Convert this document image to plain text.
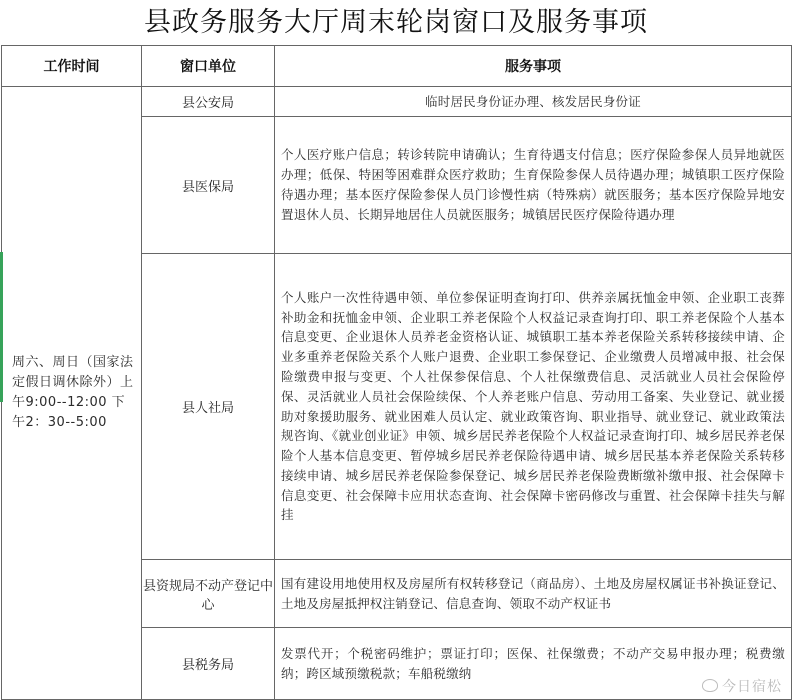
县政务服务大厅周末轮岗窗口及服务事项
工作时间	窗口单位	服务事项
周六、周日（国家法定假日调休除外）上午9:00--12:00 下午2：30--5:00	县公安局	临时居民身份证办理、核发居民身份证
	县医保局	个人医疗账户信息；转诊转院申请确认；生育待遇支付信息；医疗保险参保人员异地就医办理；低保、特困等困难群众医疗救助；生育保险参保人员待遇办理；城镇职工医疗保险待遇办理；基本医疗保险参保人员门诊慢性病（特殊病）就医服务；基本医疗保险异地安置退休人员、长期异地居住人员就医服务；城镇居民医疗保险待遇办理
	县人社局	个人账户一次性待遇申领、单位参保证明查询打印、供养亲属抚恤金申领、企业职工丧葬补助金和抚恤金申领、企业职工养老保险个人权益记录查询打印、职工养老保险个人基本信息变更、企业退休人员养老金资格认证、城镇职工基本养老保险关系转移接续申请、企业多重养老保险关系个人账户退费、企业职工参保登记、企业缴费人员增减申报、社会保险缴费申报与变更、个人社保参保信息、个人社保缴费信息、灵活就业人员社会保险停保、灵活就业人员社会保险续保、个人养老账户信息、劳动用工备案、失业登记、就业援助对象援助服务、就业困难人员认定、就业政策咨询、职业指导、就业登记、就业政策法规咨询、《就业创业证》申领、城乡居民养老保险个人权益记录查询打印、城乡居民养老保险个人基本信息变更、暂停城乡居民养老保险待遇申请、城乡居民基本养老保险关系转移接续申请、城乡居民养老保险参保登记、城乡居民养老保险费断缴补缴申报、社会保障卡信息变更、社会保障卡应用状态查询、社会保障卡密码修改与重置、社会保障卡挂失与解挂
	县资规局不动产登记中心	国有建设用地使用权及房屋所有权转移登记（商品房）、土地及房屋权属证书补换证登记、土地及房屋抵押权注销登记、信息查询、领取不动产权证书
	县税务局	发票代开；个税密码维护；票证打印；医保、社保缴费；不动产交易申报办理；税费缴纳；跨区域预缴税款；车船税缴纳
今日宿松
